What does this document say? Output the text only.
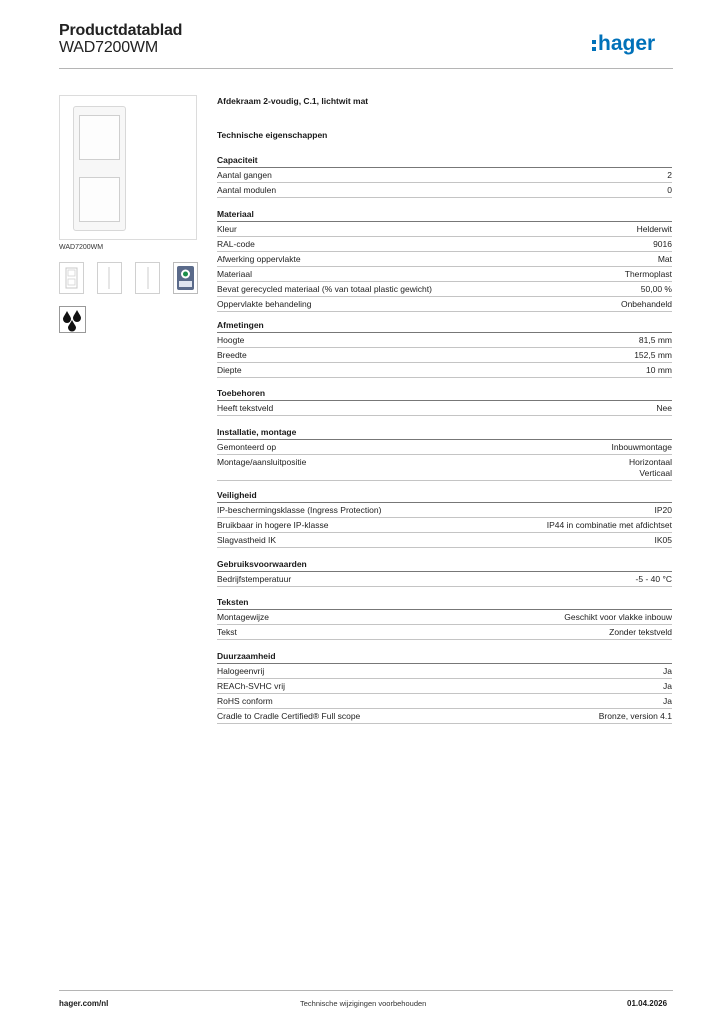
Productdatablad
WAD7200WM	hager
WAD7200WM
Afdekraam 2-voudig, C.1, lichtwit mat
Technische eigenschappen
Capaciteit
Aantal gangen	2
Aantal modulen	0
Materiaal
Kleur	Helderwit
RAL-code	9016
Afwerking oppervlakte	Mat
Materiaal	Thermoplast
Bevat gerecycled materiaal (% van totaal plastic gewicht)	50,00 %
Oppervlakte behandeling	Onbehandeld
Afmetingen
Hoogte	81,5 mm
Breedte	152,5 mm
Diepte	10 mm
Toebehoren
Heeft tekstveld	Nee
Installatie, montage
Gemonteerd op	Inbouwmontage
Montage/aansluitpositie	Horizontaal
Verticaal
Veiligheid
IP-beschermingsklasse (Ingress Protection)	IP20
Bruikbaar in hogere IP-klasse	IP44 in combinatie met afdichtset
Slagvastheid IK	IK05
Gebruiksvoorwaarden
Bedrijfstemperatuur	-5 - 40 °C
Teksten
Montagewijze	Geschikt voor vlakke inbouw
Tekst	Zonder tekstveld
Duurzaamheid
Halogeenvrij	Ja
REACh-SVHC vrij	Ja
RoHS conform	Ja
Cradle to Cradle Certified® Full scope	Bronze, version 4.1
hager.com/nl	Technische wijzigingen voorbehouden	01.04.2026
